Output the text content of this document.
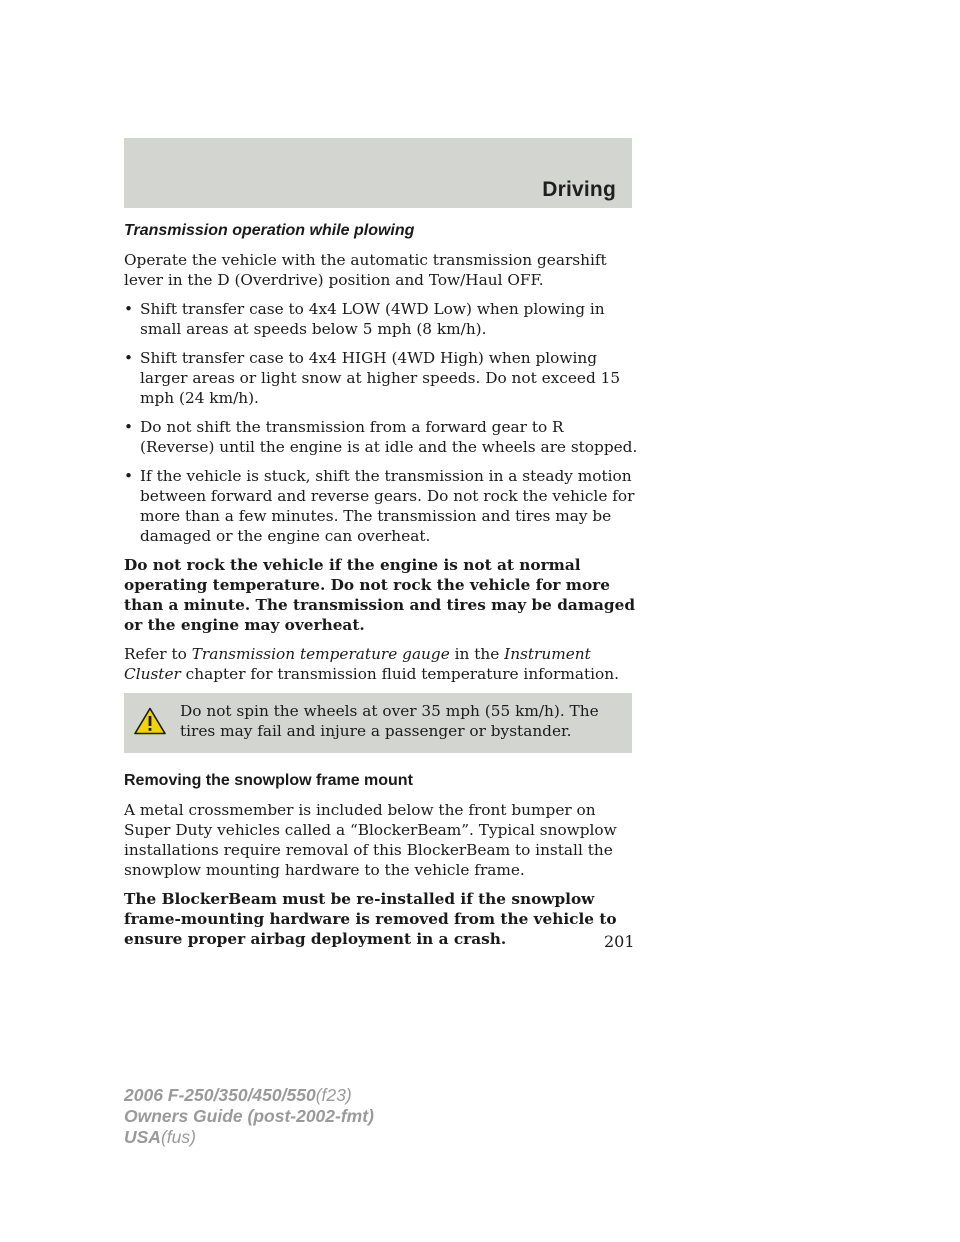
Driving
Transmission operation while plowing

Operate the vehicle with the automatic transmission gearshift lever in the D (Overdrive) position and Tow/Haul OFF.

• Shift transfer case to 4x4 LOW (4WD Low) when plowing in small areas at speeds below 5 mph (8 km/h).
• Shift transfer case to 4x4 HIGH (4WD High) when plowing larger areas or light snow at higher speeds. Do not exceed 15 mph (24 km/h).
• Do not shift the transmission from a forward gear to R (Reverse) until the engine is at idle and the wheels are stopped.
• If the vehicle is stuck, shift the transmission in a steady motion between forward and reverse gears. Do not rock the vehicle for more than a few minutes. The transmission and tires may be damaged or the engine can overheat.

Do not rock the vehicle if the engine is not at normal operating temperature. Do not rock the vehicle for more than a minute. The transmission and tires may be damaged or the engine may overheat.

Refer to Transmission temperature gauge in the Instrument Cluster chapter for transmission fluid temperature information.

Do not spin the wheels at over 35 mph (55 km/h). The tires may fail and injure a passenger or bystander.
Removing the snowplow frame mount

A metal crossmember is included below the front bumper on Super Duty vehicles called a “BlockerBeam”. Typical snowplow installations require removal of this BlockerBeam to install the snowplow mounting hardware to the vehicle frame.

The BlockerBeam must be re-installed if the snowplow frame-mounting hardware is removed from the vehicle to ensure proper airbag deployment in a crash.	201
2006 F-250/350/450/550(f23)
Owners Guide (post-2002-fmt)
USA(fus)
